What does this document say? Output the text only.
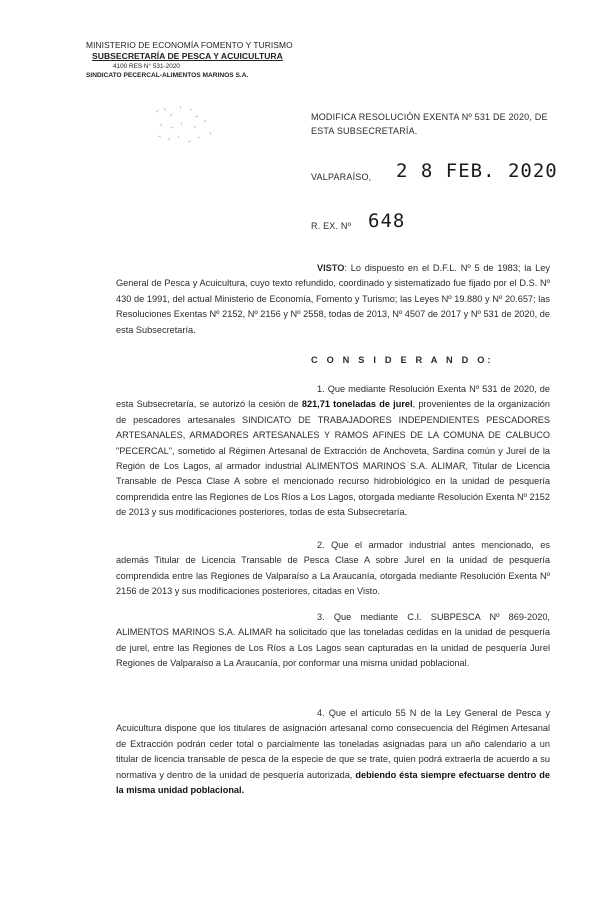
MINISTERIO DE ECONOMÍA FOMENTO Y TURISMO
SUBSECRETARÍA DE PESCA Y ACUICULTURA
4100 RES N° 531-2020
SINDICATO PECERCAL-ALIMENTOS MARINOS S.A.
MODIFICA RESOLUCIÓN EXENTA Nº 531 DE 2020, DE ESTA SUBSECRETARÍA.
VALPARAÍSO, 2 8 FEB. 2020
R. EX. Nº 648
VISTO: Lo dispuesto en el D.F.L. Nº 5 de 1983; la Ley General de Pesca y Acuicultura, cuyo texto refundido, coordinado y sistematizado fue fijado por el D.S. Nº 430 de 1991, del actual Ministerio de Economía, Fomento y Turismo; las Leyes Nº 19.880 y Nº 20.657; las Resoluciones Exentas Nº 2152, Nº 2156 y Nº 2558, todas de 2013, Nº 4507 de 2017 y Nº 531 de 2020, de esta Subsecretaría.
C O N S I D E R A N D O:
1. Que mediante Resolución Exenta Nº 531 de 2020, de esta Subsecretaría, se autorizó la cesión de 821,71 toneladas de jurel, provenientes de la organización de pescadores artesanales SINDICATO DE TRABAJADORES INDEPENDIENTES PESCADORES ARTESANALES, ARMADORES ARTESANALES Y RAMOS AFINES DE LA COMUNA DE CALBUCO "PECERCAL", sometido al Régimen Artesanal de Extracción de Anchoveta, Sardina común y Jurel de la Región de Los Lagos, al armador industrial ALIMENTOS MARINOS S.A. ALIMAR, Titular de Licencia Transable de Pesca Clase A sobre el mencionado recurso hidrobiológico en la unidad de pesquería comprendida entre las Regiones de Los Ríos a Los Lagos, otorgada mediante Resolución Exenta Nº 2152 de 2013 y sus modificaciones posteriores, todas de esta Subsecretaría.
2. Que el armador industrial antes mencionado, es además Titular de Licencia Transable de Pesca Clase A sobre Jurel en la unidad de pesquería comprendida entre las Regiones de Valparaíso a La Araucanía, otorgada mediante Resolución Exenta Nº 2156 de 2013 y sus modificaciones posteriores, citadas en Visto.
3. Que mediante C.I. SUBPESCA Nº 869-2020, ALIMENTOS MARINOS S.A. ALIMAR ha solicitado que las toneladas cedidas en la unidad de pesquería de jurel, entre las Regiones de Los Ríos a Los Lagos sean capturadas en la unidad de pesquería Jurel Regiones de Valparaíso a La Araucanía, por conformar una misma unidad poblacional.
4. Que el artículo 55 N de la Ley General de Pesca y Acuicultura dispone que los titulares de asignación artesanal como consecuencia del Régimen Artesanal de Extracción podrán ceder total o parcialmente las toneladas asignadas para un año calendario a un titular de licencia transable de pesca de la especie de que se trate, quien podrá extraerla de acuerdo a su normativa y dentro de la unidad de pesquería autorizada, debiendo ésta siempre efectuarse dentro de la misma unidad poblacional.
